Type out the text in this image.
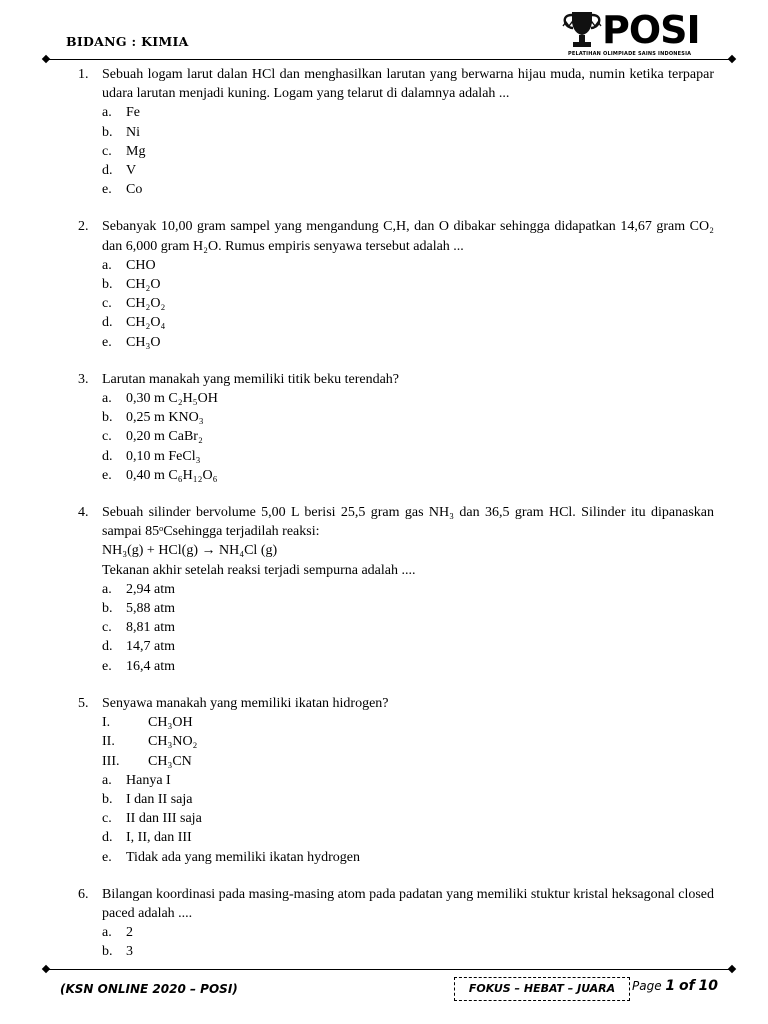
BIDANG : KIMIA	POSI
PELATIHAN OLIMPIADE SAINS INDONESIA
1. Sebuah logam larut dalan HCl dan menghasilkan larutan yang berwarna hijau muda, numin ketika terpapar udara larutan menjadi kuning. Logam yang telarut di dalamnya adalah ...
a. Fe
b. Ni
c. Mg
d. V
e. Co
2. Sebanyak 10,00 gram sampel yang mengandung C,H, dan O dibakar sehingga didapatkan 14,67 gram CO₂ dan 6,000 gram H₂O. Rumus empiris senyawa tersebut adalah ...
a. CHO
b. CH₂O
c. CH₂O₂
d. CH₂O₄
e. CH₃O
3. Larutan manakah yang memiliki titik beku terendah?
a. 0,30 m C₂H₅OH
b. 0,25 m KNO₃
c. 0,20 m CaBr₂
d. 0,10 m FeCl₃
e. 0,40 m C₆H₁₂O₆
4. Sebuah silinder bervolume 5,00 L berisi 25,5 gram gas NH₃ dan 36,5 gram HCl. Silinder itu dipanaskan sampai 85ᵒCsehingga terjadilah reaksi:
NH₃(g) + HCl(g) → NH₄Cl (g)
Tekanan akhir setelah reaksi terjadi sempurna adalah ....
a. 2,94 atm
b. 5,88 atm
c. 8,81 atm
d. 14,7 atm
e. 16,4 atm
5. Senyawa manakah yang memiliki ikatan hidrogen?
I.	CH₃OH
II. CH₃NO₂
III. CH₃CN
a. Hanya I
b. I dan II saja
c. II dan III saja
d. I, II, dan III
e. Tidak ada yang memiliki ikatan hydrogen
6. Bilangan koordinasi pada masing-masing atom pada padatan yang memiliki stuktur kristal heksagonal closed paced adalah ....
a. 2
b. 3
(KSN ONLINE 2020 – POSI)	FOKUS – HEBAT – JUARA	Page 1 of 10
